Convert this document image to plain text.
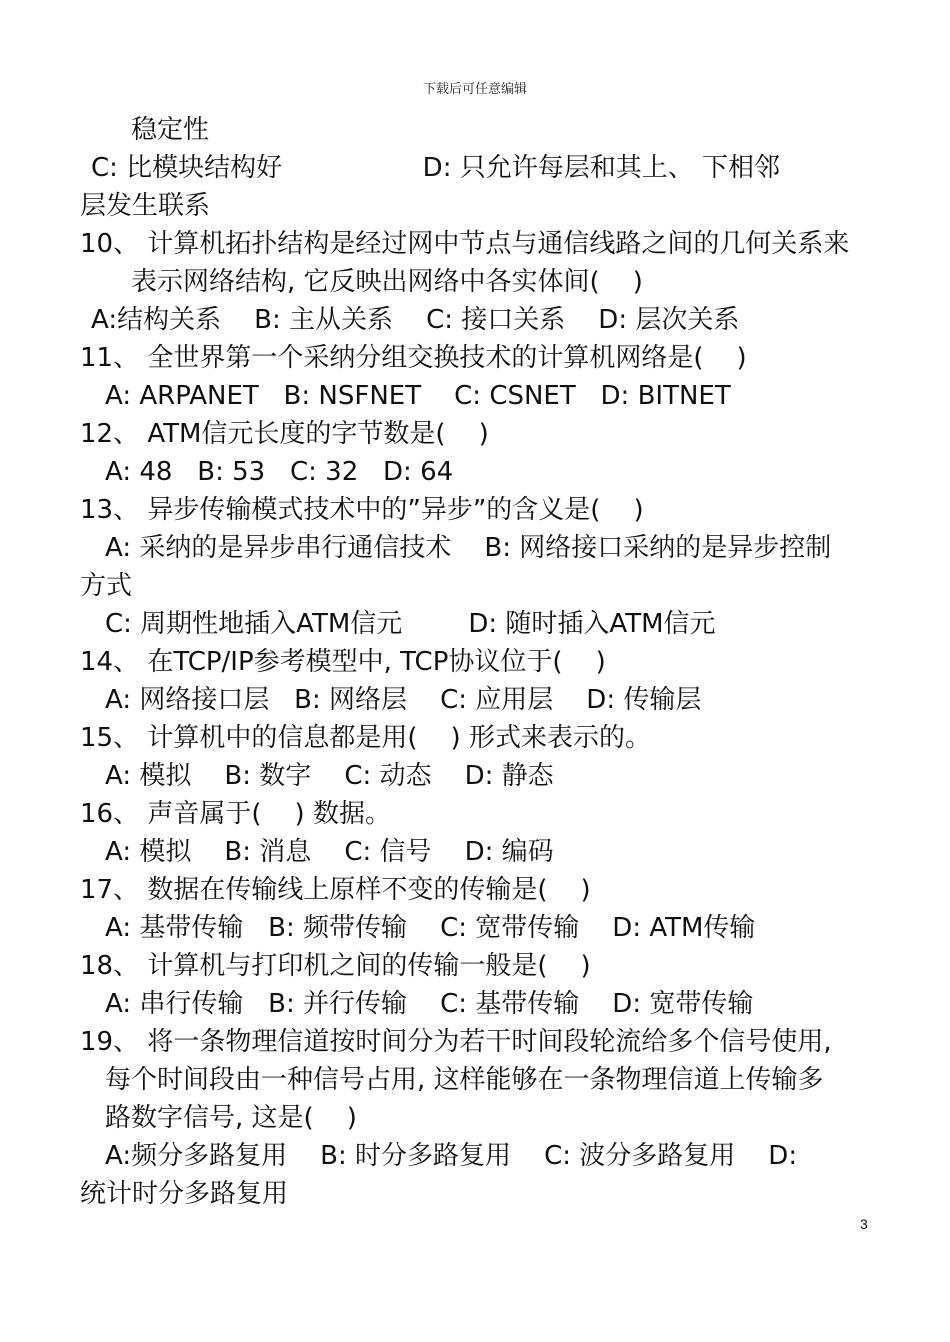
下载后可任意编辑
稳定性
C: 比模块结构好                 D: 只允许每层和其上、 下相邻
层发生联系
10、 计算机拓扑结构是经过网中节点与通信线路之间的几何关系来
表示网络结构, 它反映出网络中各实体间(    )
A:结构关系    B: 主从关系    C: 接口关系    D: 层次关系
11、 全世界第一个采纳分组交换技术的计算机网络是(    )
A: ARPANET   B: NSFNET    C: CSNET   D: BITNET
12、 ATM信元长度的字节数是(    )
A: 48   B: 53   C: 32   D: 64
13、 异步传输模式技术中的”异步”的含义是(    )
A: 采纳的是异步串行通信技术    B: 网络接口采纳的是异步控制
方式
C: 周期性地插入ATM信元        D: 随时插入ATM信元
14、 在TCP/IP参考模型中, TCP协议位于(    )
A: 网络接口层   B: 网络层    C: 应用层    D: 传输层
15、 计算机中的信息都是用(    ) 形式来表示的。
A: 模拟    B: 数字    C: 动态    D: 静态
16、 声音属于(    ) 数据。
A: 模拟    B: 消息    C: 信号    D: 编码
17、 数据在传输线上原样不变的传输是(    )
A: 基带传输   B: 频带传输    C: 宽带传输    D: ATM传输
18、 计算机与打印机之间的传输一般是(    )
A: 串行传输   B: 并行传输    C: 基带传输    D: 宽带传输
19、 将一条物理信道按时间分为若干时间段轮流给多个信号使用,
每个时间段由一种信号占用, 这样能够在一条物理信道上传输多
路数字信号, 这是(    )
A:频分多路复用    B: 时分多路复用    C: 波分多路复用    D:
统计时分多路复用
3
